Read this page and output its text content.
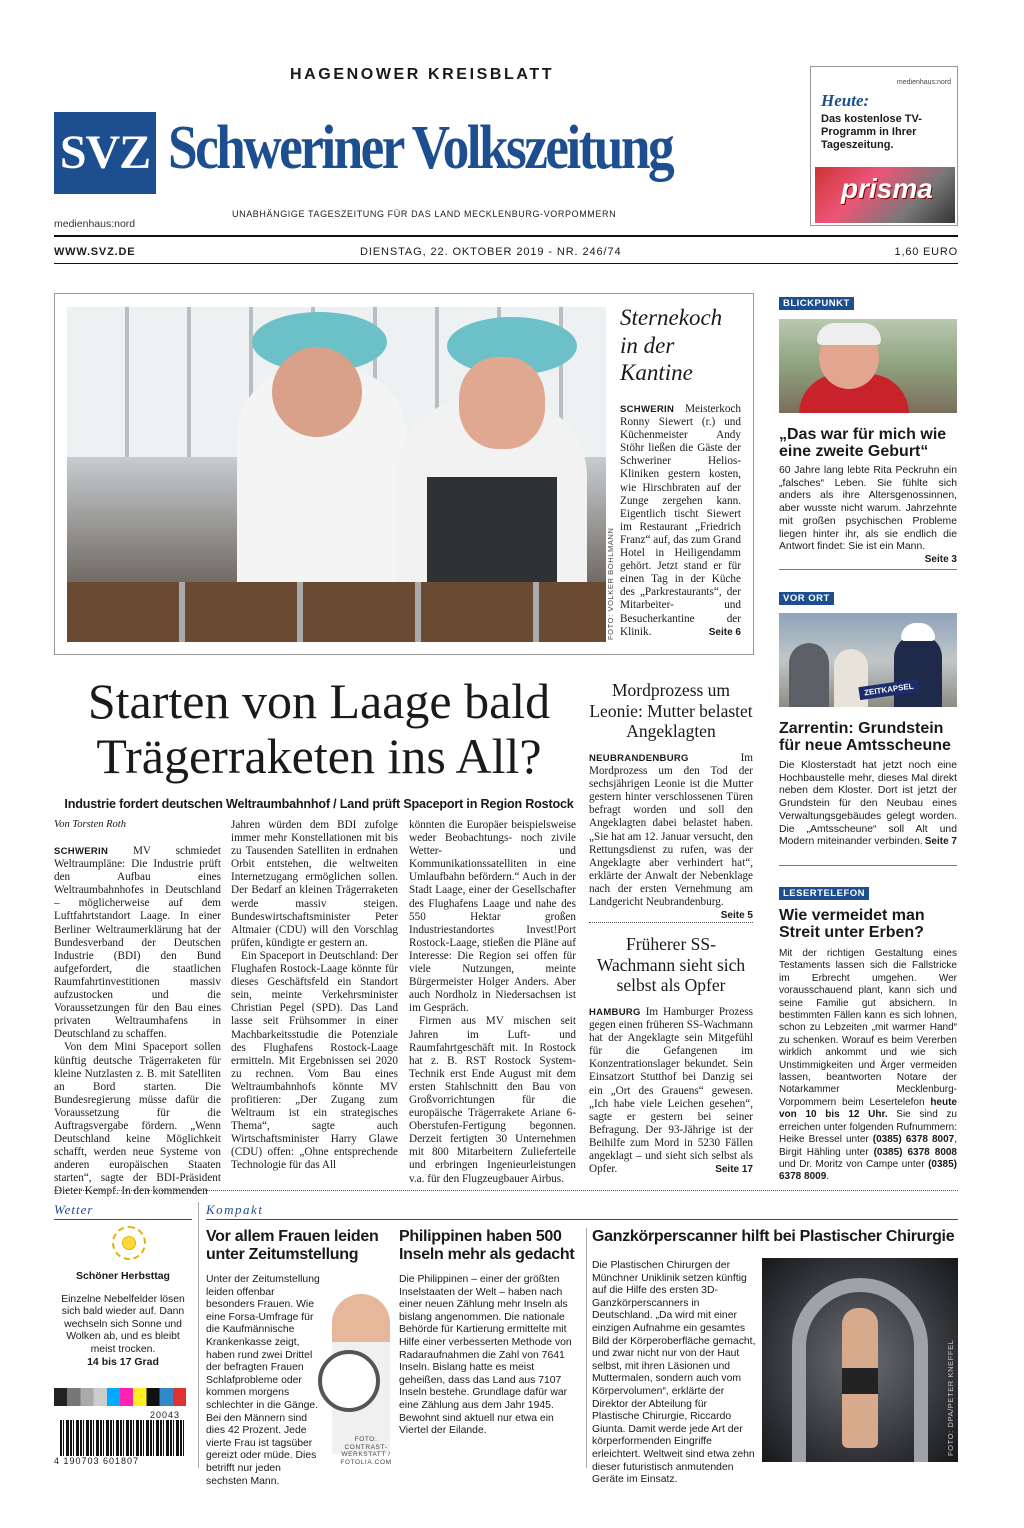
HAGENOWER KREISBLATT
SVZ Schweriner Volkszeitung
UNABHÄNGIGE TAGESZEITUNG FÜR DAS LAND MECKLENBURG-VORPOMMERN
medienhaus:nord
medienhaus:nord
Heute:
Das kostenlose TV-Programm in Ihrer Tageszeitung.
prisma
WWW.SVZ.DE	DIENSTAG, 22. OKTOBER 2019 - NR. 246/74	1,60 EURO
FOTO: VOLKER BOHLMANN
Sternekoch in der Kantine

SCHWERIN Meisterkoch Ronny Siewert (r.) und Küchenmeister Andy Stöhr ließen die Gäste der Schweriner Helios-Kliniken gestern kosten, wie Hirschbraten auf der Zunge zergehen kann. Eigentlich tischt Siewert im Restaurant „Friedrich Franz“ auf, das zum Grand Hotel in Heiligendamm gehört. Jetzt stand er für einen Tag in der Küche des „Parkrestaurants“, der Mitarbeiter- und Besucherkantine der Klinik.	Seite 6

Starten von Laage bald
Trägerraketen ins All?
Industrie fordert deutschen Weltraumbahnhof / Land prüft Spaceport in Region Rostock
Von Torsten Roth

SCHWERIN MV schmiedet Weltraumpläne: Die Industrie prüft den Aufbau eines Weltraumbahnhofes in Deutschland – möglicherweise auf dem Luftfahrtstandort Laage. In einer Berliner Weltraumerklärung hat der Bundesverband der Deutschen Industrie (BDI) den Bund aufgefordert, die staatlichen Raumfahrtinvestitionen massiv aufzustocken und die Voraussetzungen für den Bau eines privaten Weltraumhafens in Deutschland zu schaffen.

Von dem Mini Spaceport sollen künftig deutsche Trägerraketen für kleine Nutzlasten z. B. mit Satelliten an Bord starten. Die Bundesregierung müsse dafür die Voraussetzung für die Auftragsvergabe fördern. „Wenn Deutschland keine Möglichkeit schafft, werden neue Systeme von anderen europäischen Staaten starten“, sagte der BDI-Präsident Dieter Kempf. In den kommenden

Jahren würden dem BDI zufolge immer mehr Konstellationen mit bis zu Tausenden Satelliten in erdnahen Orbit entstehen, die weltweiten Internetzugang ermöglichen sollen. Der Bedarf an kleinen Trägerraketen werde massiv steigen. Bundeswirtschaftsminister Peter Altmaier (CDU) will den Vorschlag prüfen, kündigte er gestern an.

Ein Spaceport in Deutschland: Der Flughafen Rostock-Laage könnte für dieses Geschäftsfeld ein Standort sein, meinte Verkehrsminister Christian Pegel (SPD). Das Land lasse seit Frühsommer in einer Machbarkeitsstudie die Potenziale des Flughafens Rostock-Laage ermitteln. Mit Ergebnissen sei 2020 zu rechnen. Vom Bau eines Weltraumbahnhofs könnte MV profitieren: „Der Zugang zum Weltraum ist ein strategisches Thema“, sagte auch Wirtschaftsminister Harry Glawe (CDU) offen: „Ohne entsprechende Technologie für das All

könnten die Europäer beispielsweise weder Beobachtungs- noch zivile Wetter- und Kommunikationssatelliten in eine Umlaufbahn befördern.“ Auch in der Stadt Laage, einer der Gesellschafter des Flughafens Laage und nahe des 550 Hektar großen Industriestandortes Invest!Port Rostock-Laage, stießen die Pläne auf Interesse: Die Region sei offen für viele Nutzungen, meinte Bürgermeister Holger Anders. Aber auch Nordholz in Niedersachsen ist im Gespräch.

Firmen aus MV mischen seit Jahren im Luft- und Raumfahrtgeschäft mit. In Rostock hat z. B. RST Rostock System-Technik erst Ende August mit dem ersten Stahlschnitt den Bau von Großvorrichtungen für die europäische Trägerrakete Ariane 6-Oberstufen-Fertigung begonnen. Derzeit fertigten 30 Unternehmen mit 800 Mitarbeitern Zulieferteile und erbringen Ingenieurleistungen v.a. für den Flugzeugbauer Airbus.

Mordprozess um Leonie: Mutter belastet Angeklagten

NEUBRANDENBURG	Im Mordprozess um den Tod der sechsjährigen Leonie ist die Mutter gestern hinter verschlossenen Türen befragt worden und soll den Angeklagten dabei belastet haben. „Sie hat am 12. Januar versucht, den Rettungsdienst zu rufen, was der Angeklagte aber verhindert hat“, erklärte der Anwalt der Nebenklage nach der ersten Vernehmung am Landgericht Neubrandenburg.
Seite 5

Früherer SS-Wachmann sieht sich selbst als Opfer

HAMBURG Im Hamburger Prozess gegen einen früheren SS-Wachmann hat der Angeklagte sein Mitgefühl für die Gefangenen im Konzentrationslager bekundet. Sein Einsatzort Stutthof bei Danzig sei ein „Ort des Grauens“ gewesen. „Ich habe viele Leichen gesehen“, sagte er gestern bei seiner Befragung. Der 93-Jährige ist der Beihilfe zum Mord in 5230 Fällen angeklagt – und sieht sich selbst als Opfer.	Seite 17

BLICKPUNKT
„Das war für mich wie eine zweite Geburt“
60 Jahre lang lebte Rita Peckruhn ein „falsches“ Leben. Sie fühlte sich anders als ihre Altersgenossinnen, aber wusste nicht warum. Jahrzehnte mit großen psychischen Probleme liegen hinter ihr, als sie endlich die Antwort findet: Sie ist ein Mann.
Seite 3
VOR ORT
ZEITKAPSEL
Zarrentin: Grundstein für neue Amtsscheune
Die Klosterstadt hat jetzt noch eine Hochbaustelle mehr, dieses Mal direkt neben dem Kloster. Dort ist jetzt der Grundstein für den Neubau eines Verwaltungsgebäudes gelegt worden. Die „Amtsscheune“ soll Alt und Modern miteinander verbinden. Seite 7
LESERTELEFON
Wie vermeidet man Streit unter Erben?
Mit der richtigen Gestaltung eines Testaments lassen sich die Fallstricke im Erbrecht umgehen. Wer vorausschauend plant, kann sich und seine Familie gut absichern. In bestimmten Fällen kann es sich lohnen, schon zu Lebzeiten „mit warmer Hand“ zu schenken. Worauf es beim Vererben wirklich ankommt und wie sich Unstimmigkeiten und Ärger vermeiden lassen, beantworten Notare der Notarkammer Mecklenburg-Vorpommern beim Lesertelefon heute von 10 bis 12 Uhr. Sie sind zu erreichen unter folgenden Rufnummern: Heike Bressel unter (0385) 6378 8007, Birgit Hähling unter (0385) 6378 8008 und Dr. Moritz von Campe unter (0385) 6378 8009.
Wetter
Schöner Herbsttag
Einzelne Nebelfelder lösen sich bald wieder auf. Dann wechseln sich Sonne und Wolken ab, und es bleibt meist trocken.
14 bis 17 Grad
20043
4 190703 601807
Kompakt
Vor allem Frauen leiden unter Zeitumstellung
Unter der Zeitumstellung leiden offenbar besonders Frauen. Wie eine Forsa-Umfrage für die Kaufmännische Krankenkasse zeigt, haben rund zwei Drittel der befragten Frauen Schlafprobleme oder kommen morgens schlechter in die Gänge. Bei den Männern sind dies 42 Prozent. Jede vierte Frau ist tagsüber gereizt oder müde. Dies betrifft nur jeden sechsten Mann.
FOTO: CONTRAST-WERKSTATT / FOTOLIA.COM
Philippinen haben 500 Inseln mehr als gedacht
Die Philippinen – einer der größten Inselstaaten der Welt – haben nach einer neuen Zählung mehr Inseln als bislang angenommen. Die nationale Behörde für Kartierung ermittelte mit Hilfe einer verbesserten Methode von Radaraufnahmen die Zahl von 7641 Inseln. Bislang hatte es meist geheißen, dass das Land aus 7107 Inseln bestehe. Grundlage dafür war eine Zählung aus dem Jahr 1945. Bewohnt sind aktuell nur etwa ein Viertel der Eilande.
Ganzkörperscanner hilft bei Plastischer Chirurgie
Die Plastischen Chirurgen der Münchner Uniklinik setzen künftig auf die Hilfe des ersten 3D-Ganzkörperscanners in Deutschland. „Da wird mit einer einzigen Aufnahme ein gesamtes Bild der Körperoberfläche gemacht, und zwar nicht nur von der Haut selbst, mit ihren Läsionen und Muttermalen, sondern auch vom Körpervolumen“, erklärte der Direktor der Abteilung für Plastische Chirurgie, Riccardo Giunta. Damit werde jede Art der körperformenden Eingriffe erleichtert. Weltweit sind etwa zehn dieser futuristisch anmutenden Geräte im Einsatz.
FOTO: DPA/PETER KNEFFEL
